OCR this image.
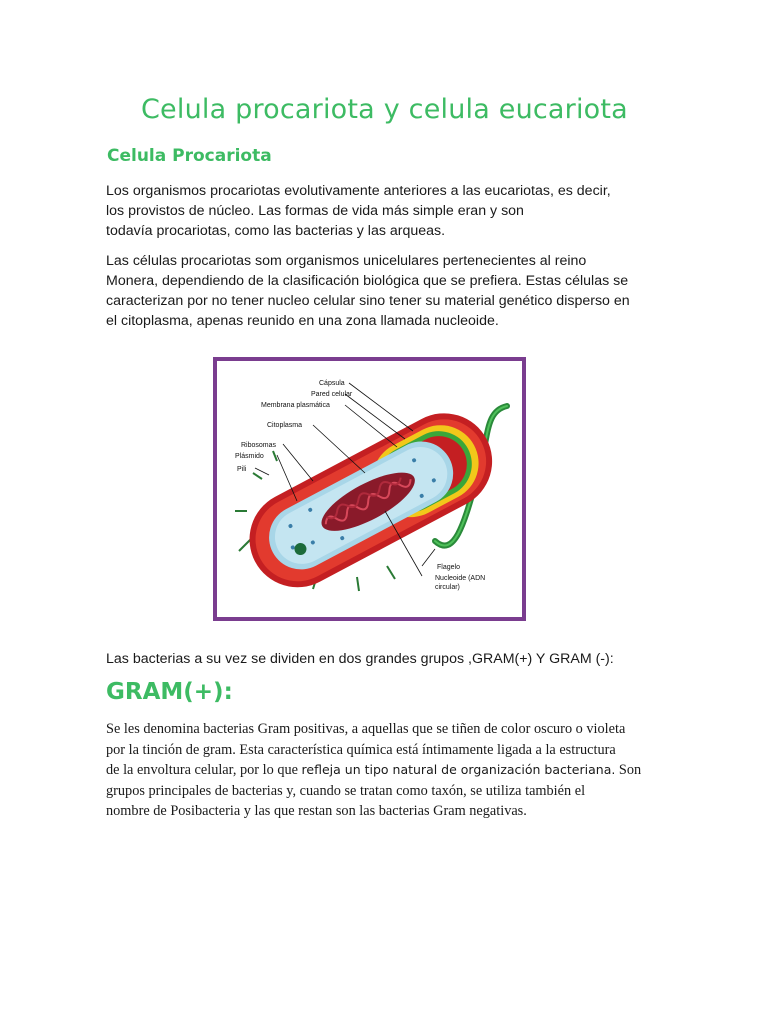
Celula procariota y celula eucariota
Celula Procariota

Los organismos procariotas evolutivamente anteriores a las eucariotas, es decir,
los provistos de núcleo. Las formas de vida más simple eran y son
todavía procariotas, como las bacterias y las arqueas.

Las células procariotas som organismos unicelulares pertenecientes al reino
Monera, dependiendo de la clasificación biológica que se prefiera. Estas células se
caracterizan por no tener nucleo celular sino tener su material genético disperso en
el citoplasma, apenas reunido en una zona llamada nucleoide.

Cápsula
Pared celular
Membrana plasmática
Citoplasma
Ribosomas
Plásmido
Pili
Flagelo
Nucleoide (ADN
circular)

Las bacterias a su vez se dividen en dos grandes grupos ,GRAM(+) Y GRAM (-):

GRAM(+):

Se les denomina bacterias Gram positivas, a aquellas que se tiñen de color oscuro o violeta
por la tinción de gram. Esta característica química está íntimamente ligada a la estructura
de la envoltura celular, por lo que refleja un tipo natural de organización bacteriana. Son
grupos principales de bacterias y, cuando se tratan como taxón, se utiliza también el
nombre de Posibacteria y las que restan son las bacterias Gram negativas.
